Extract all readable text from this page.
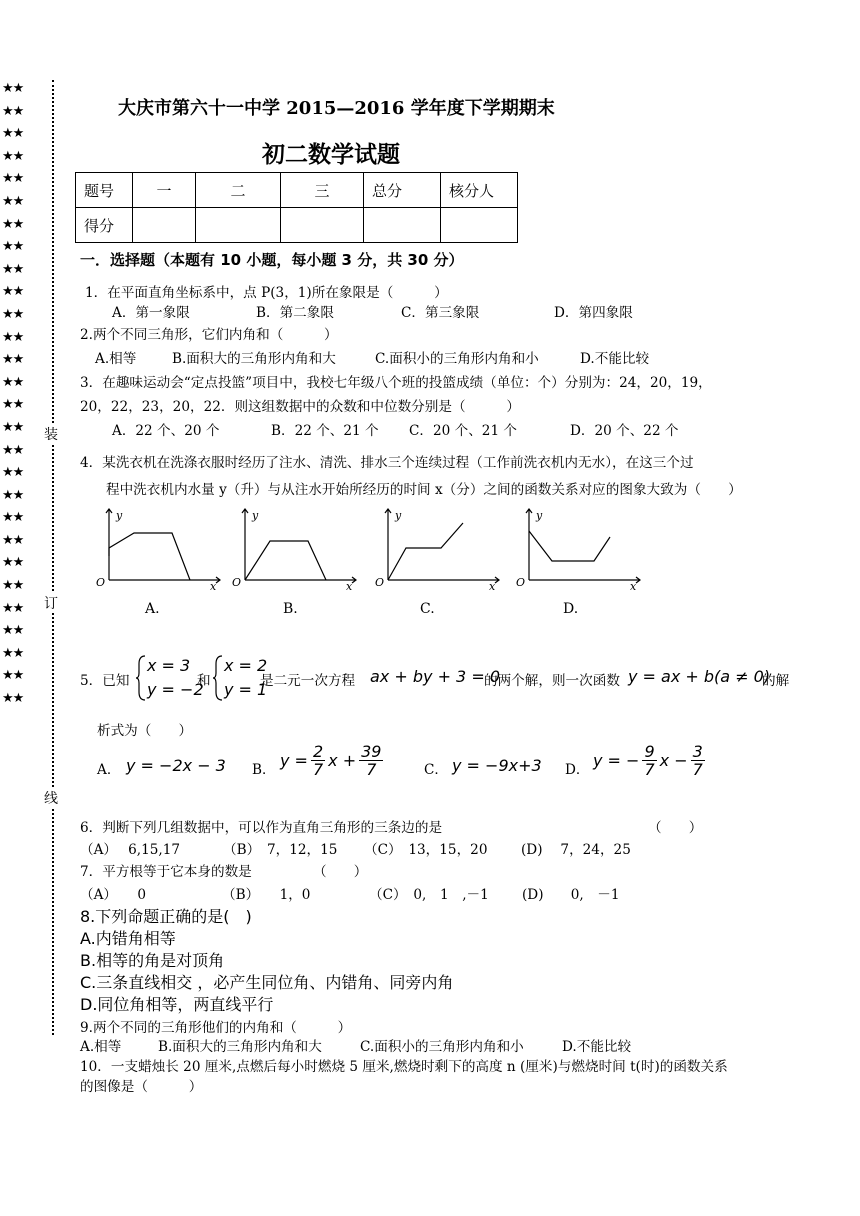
★★
★★
★★
★★
★★
★★
★★
★★
★★
★★
★★
★★
★★
★★
★★
★★
★★
★★
★★
★★
★★
★★
★★
★★
★★
★★
★★
★★
装
订
线
大庆市第六十一中学 2015—2016 学年度下学期期末
初二数学试题
题号	一	二	三	总分	核分人
得分					
一．选择题（本题有 10 小题，每小题 3 分，共 30 分）
1．在平面直角坐标系中，点 P(3，1)所在象限是（　　　）
A．第一象限	B．第二象限	C．第三象限	D．第四象限
2.两个不同三角形，它们内角和（　　　）
A.相等	B.面积大的三角形内角和大	C.面积小的三角形内角和小	D.不能比较
3．在趣味运动会“定点投篮”项目中，我校七年级八个班的投篮成绩（单位：个）分别为：24，20，19，
20，22，23，20，22．则这组数据中的众数和中位数分别是（　　　）
A．22 个、20 个	B．22 个、21 个 C．20 个、21 个	D．20 个、22 个
4．某洗衣机在洗涤衣服时经历了注水、清洗、排水三个连续过程（工作前洗衣机内无水），在这三个过
程中洗衣机内水量 y（升）与从注水开始所经历的时间 x（分）之间的函数关系对应的图象大致为（　　）
y
x
O
y
x
O
y
x
O
y
x
O
A.	B.	C.	D.
5．已知
x = 3
y = −2
和
x = 2
y = 1
是二元一次方程 ax + by + 3 = 0
的两个解，则一次函数 y = ax + b(a ≠ 0)
的解
析式为（　　）
A． y = −2x − 3 B． $y = \frac{2}{7}$ $x + \frac{39}{7}$	C． y = −9x+3 D． y = − $\frac{9}{7}$ $x - \frac{3}{7}$
6．判断下列几组数据中，可以作为直角三角形的三条边的是	（　　）
（A）　 6,15,17	（B）　7，12，15 （C）　13，15，20 (D)　 7，24，25
7．平方根等于它本身的数是　　　　　（　　）
（A）　　0	（B）　　1，0	（C）　0,　1　,－1 (D)　　0,　－1
8.下列命题正确的是(　)
A.内错角相等
B.相等的角是对顶角
C.三条直线相交 ，必产生同位角、内错角、同旁内角
D.同位角相等，两直线平行
9.两个不同的三角形他们的内角和（　　　）
A.相等	B.面积大的三角形内角和大	C.面积小的三角形内角和小	D.不能比较
10．一支蜡烛长 20 厘米,点燃后每小时燃烧 5 厘米,燃烧时剩下的高度 n (厘米)与燃烧时间 t(时)的函数关系
的图像是（　　　）
